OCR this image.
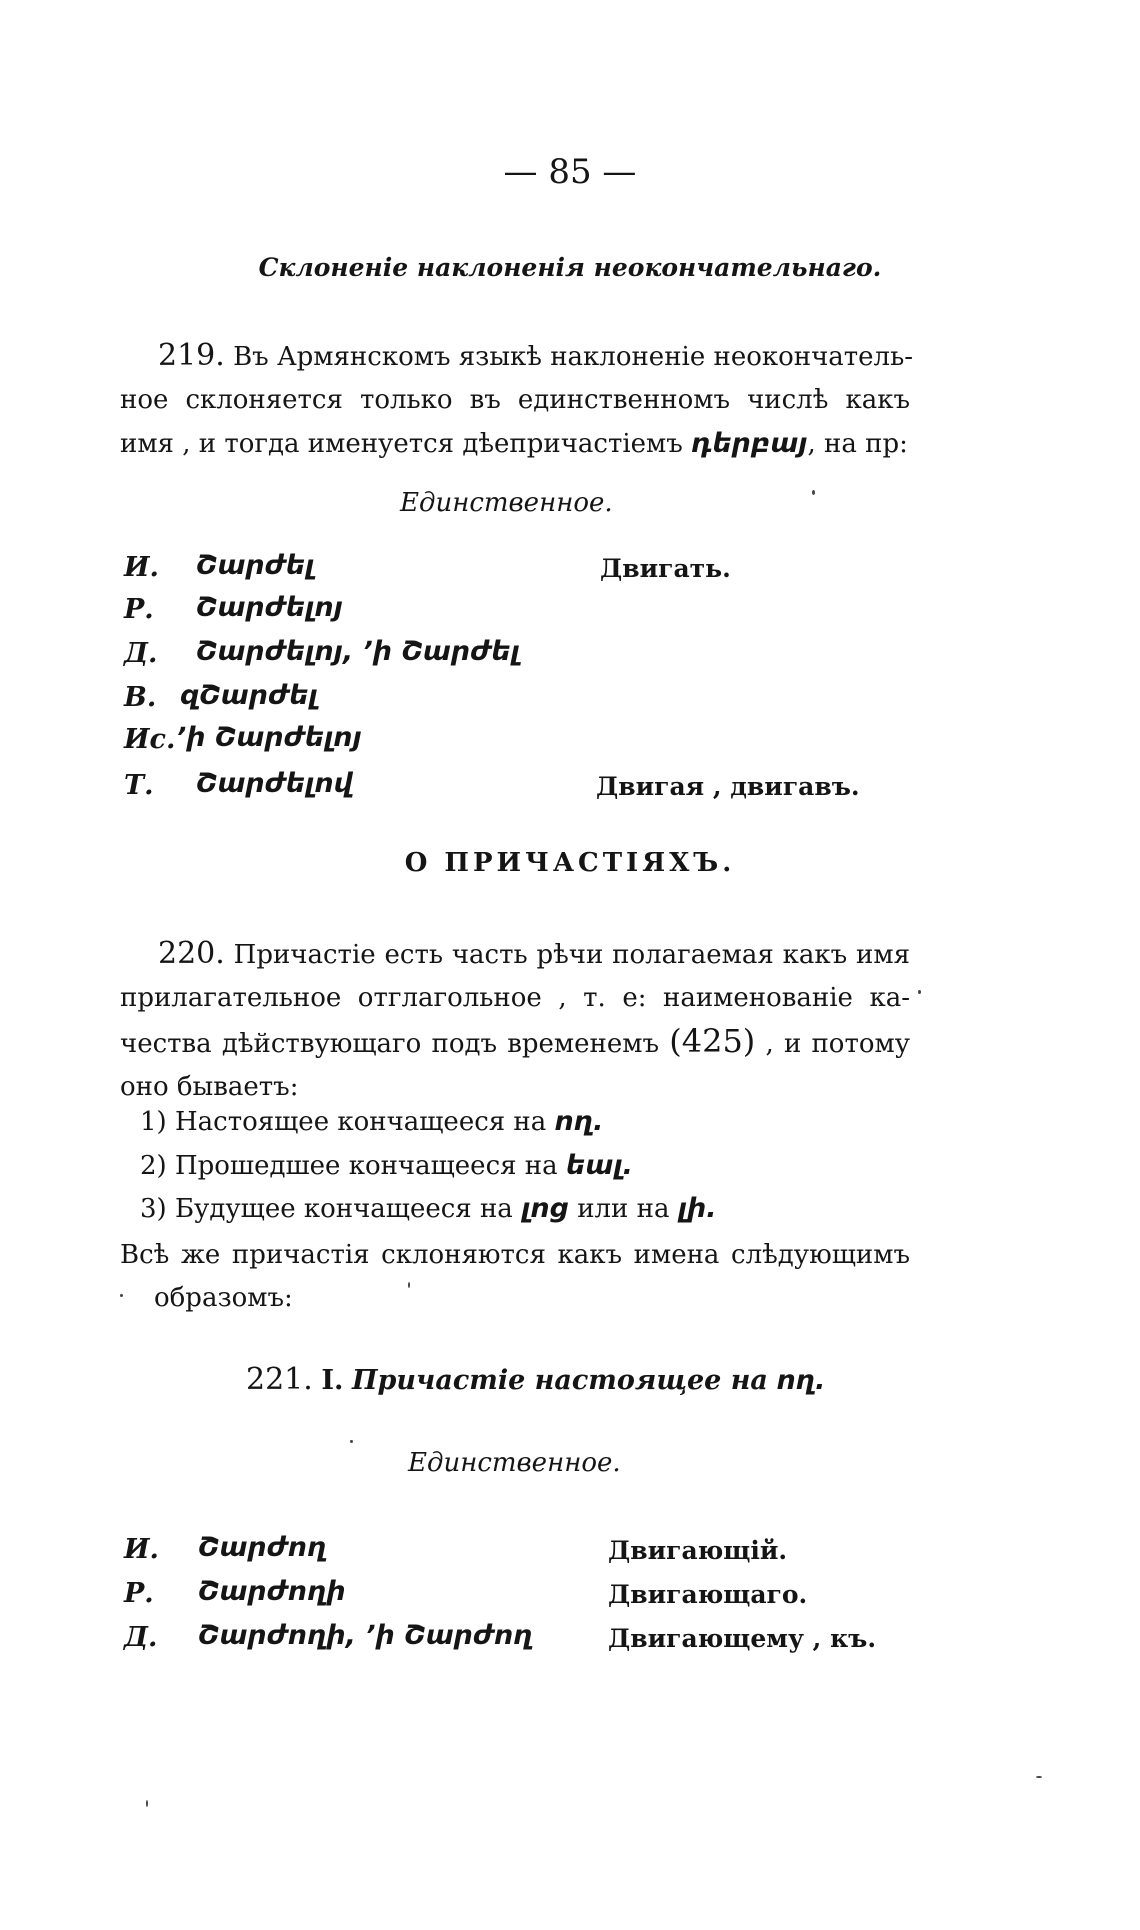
— 85 —
Склоненіе наклоненія неокончательнаго.
219. Въ Армянскомъ языкѣ наклоненіе неокончатель-
ное склоняется только въ единственномъ числѣ какъ
имя , и тогда именуется дѣепричастіемъ դերբայ, на пр:
Единственное.
И. Շարժել	Двигать.
Р. Շարժելոյ
Д. Շարժելոյ, ՚ի Շարժել
В. զՇարժել
Ис. ՚ի Շարժելոյ
Т. Շարժելով	Двигая , двигавъ.
О ПРИЧАСТІЯХЪ.
220. Причастіе есть часть рѣчи полагаемая какъ имя
прилагательное отглагольное , т. е: наименованіе ка-
чества дѣйствующаго подъ временемъ (425) , и потому
оно бываетъ:
1) Настоящее кончащееся на ող.
2) Прошедшее кончащееся на եալ.
3) Будущее кончащееся на լոց или на լի.
Всѣ же причастія склоняются какъ имена слѣдующимъ
образомъ:
221. I. Причастіе настоящее на ող.
Единственное.
И. Շարժող	Двигающій.
Р. Շարժողի	Двигающаго.
Д. Շարժողի, ՚ի Շարժող	Двигающему , къ.
